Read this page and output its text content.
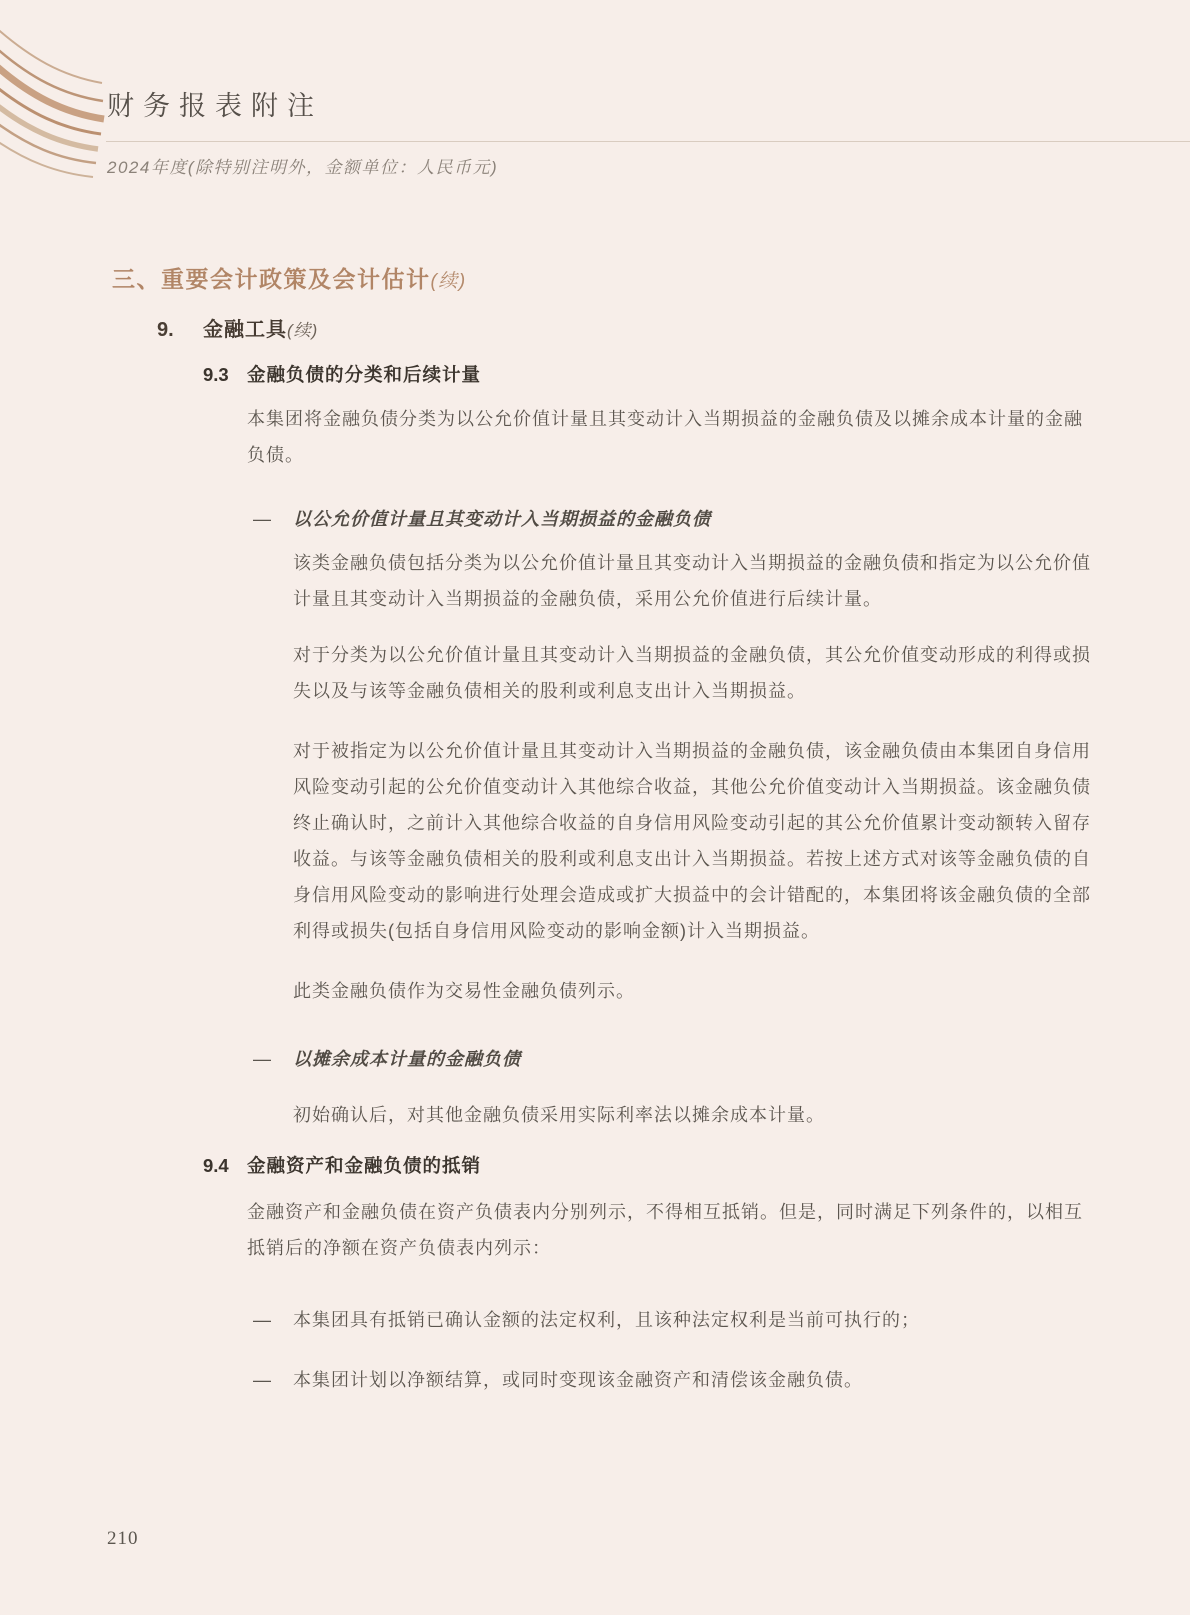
财务报表附注
2024年度(除特别注明外，金额单位：人民币元)
三、重要会计政策及会计估计(续)
9.	金融工具(续)
9.3 金融负债的分类和后续计量
本集团将金融负债分类为以公允价值计量且其变动计入当期损益的金融负债及以摊余成本计量的金融负债。
—	以公允价值计量且其变动计入当期损益的金融负债
该类金融负债包括分类为以公允价值计量且其变动计入当期损益的金融负债和指定为以公允价值计量且其变动计入当期损益的金融负债，采用公允价值进行后续计量。
对于分类为以公允价值计量且其变动计入当期损益的金融负债，其公允价值变动形成的利得或损失以及与该等金融负债相关的股利或利息支出计入当期损益。
对于被指定为以公允价值计量且其变动计入当期损益的金融负债，该金融负债由本集团自身信用风险变动引起的公允价值变动计入其他综合收益，其他公允价值变动计入当期损益。该金融负债终止确认时，之前计入其他综合收益的自身信用风险变动引起的其公允价值累计变动额转入留存收益。与该等金融负债相关的股利或利息支出计入当期损益。若按上述方式对该等金融负债的自身信用风险变动的影响进行处理会造成或扩大损益中的会计错配的，本集团将该金融负债的全部利得或损失(包括自身信用风险变动的影响金额)计入当期损益。
此类金融负债作为交易性金融负债列示。
—	以摊余成本计量的金融负债
初始确认后，对其他金融负债采用实际利率法以摊余成本计量。
9.4 金融资产和金融负债的抵销
金融资产和金融负债在资产负债表内分别列示，不得相互抵销。但是，同时满足下列条件的，以相互抵销后的净额在资产负债表内列示：
—	本集团具有抵销已确认金额的法定权利，且该种法定权利是当前可执行的；
—	本集团计划以净额结算，或同时变现该金融资产和清偿该金融负债。
210
